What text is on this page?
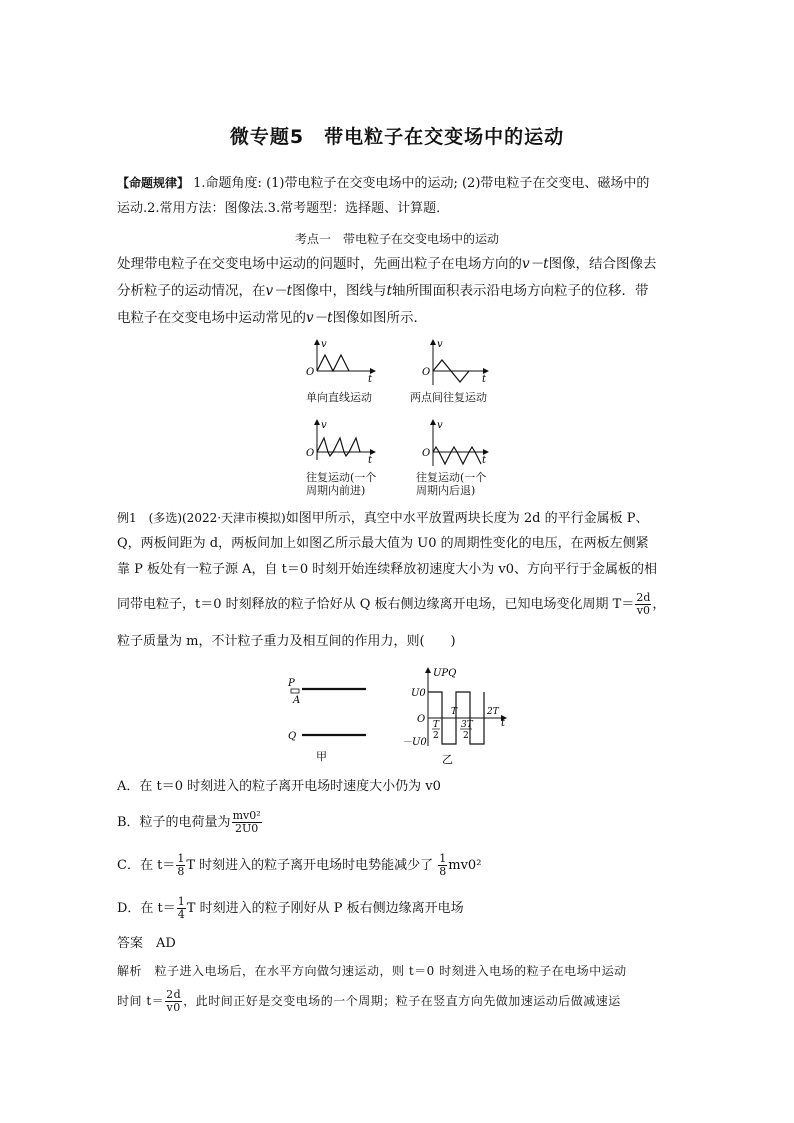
微专题5　带电粒子在交变场中的运动
【命题规律】 1.命题角度: (1)带电粒子在交变电场中的运动; (2)带电粒子在交变电、磁场中的
运动.2.常用方法：图像法.3.常考题型：选择题、计算题．
考点一　带电粒子在交变电场中的运动
处理带电粒子在交变电场中运动的问题时，先画出粒子在电场方向的v－t图像，结合图像去
分析粒子的运动情况，在v－t图像中，图线与t轴所围面积表示沿电场方向粒子的位移．带
电粒子在交变电场中运动常见的v－t图像如图所示．
v
O
t
v
O
t
v
O
t
v
O
t
单向直线运动	两点间往复运动
往复运动(一个
周期内前进)
往复运动(一个
周期内后退)
例1　(多选)(2022·天津市模拟)如图甲所示，真空中水平放置两块长度为 2d 的平行金属板 P、
Q，两板间距为 d，两板间加上如图乙所示最大值为 U0 的周期性变化的电压，在两板左侧紧
靠 P 板处有一粒子源 A，自 t＝0 时刻开始连续释放初速度大小为 v0、方向平行于金属板的相
同带电粒子，t＝0 时刻释放的粒子恰好从 Q 板右侧边缘离开电场，已知电场变化周期 $T= \frac{2d}{v0}$ ，
粒子质量为 m，不计粒子重力及相互间的作用力，则(　　)
P
A
Q
甲
UPQ
U0
O
－U0
T
2
T
3T
2
2T
t
乙
A．在 t＝0 时刻进入的粒子离开电场时速度大小仍为 v0
B．粒子的电荷量为 $\frac{\text{mv0²}}{2U0}$
C．在 $t= \frac{1}{8}$ T 时刻进入的粒子离开电场时电势能减少了 $\frac{1}{8} mv0^2$
D．在 $t= \frac{1}{4}$ T 时刻进入的粒子刚好从 P 板右侧边缘离开电场
答案　AD
解析　粒子进入电场后，在水平方向做匀速运动，则 t＝0 时刻进入电场的粒子在电场中运动
时间 $t= \frac{2d}{v0}$ ，此时间正好是交变电场的一个周期；粒子在竖直方向先做加速运动后做减速运
